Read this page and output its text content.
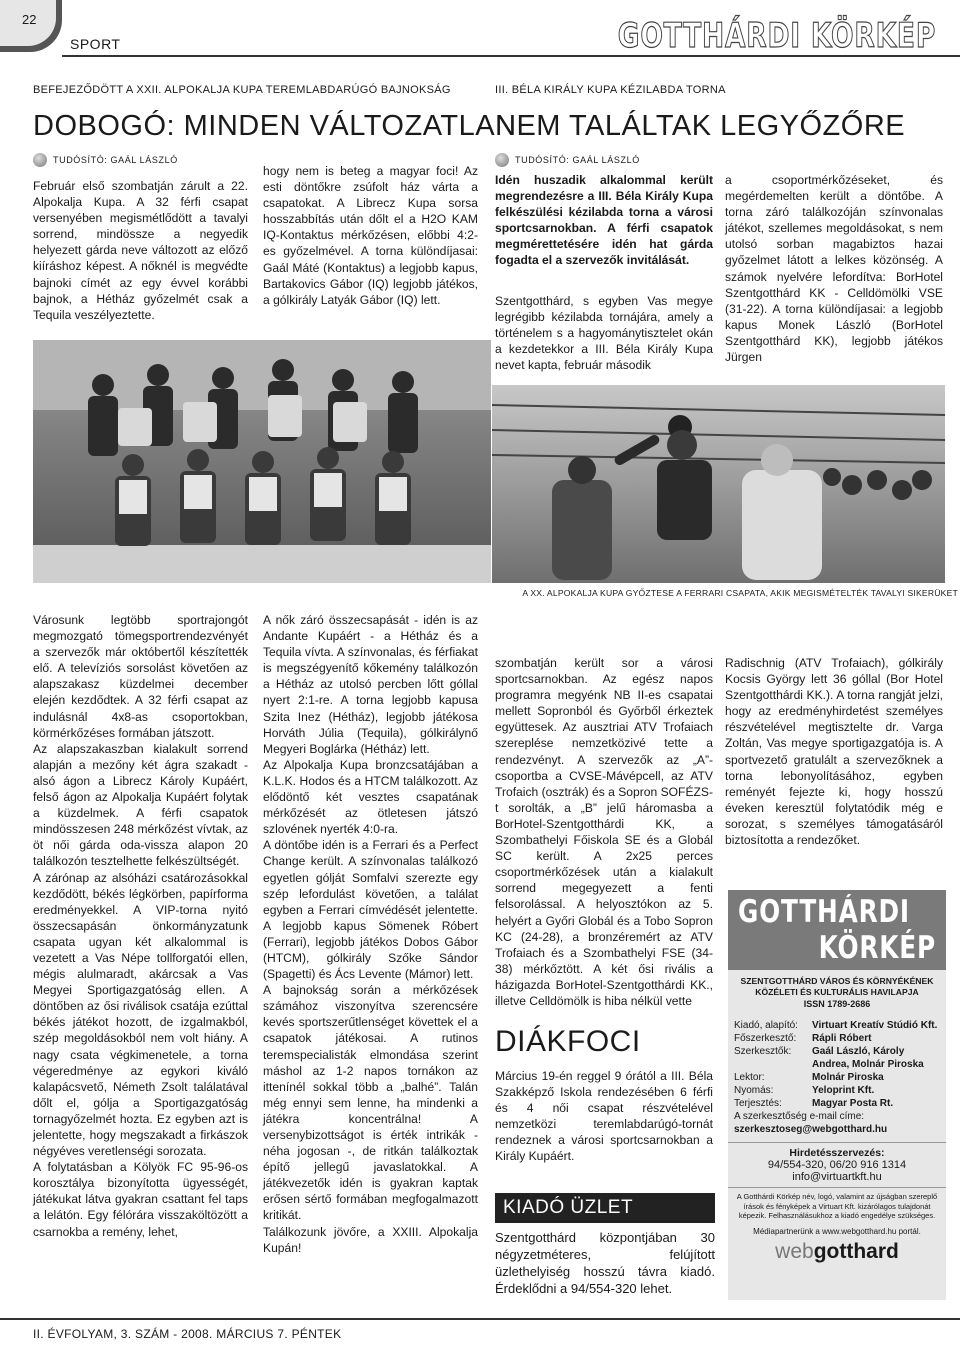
22
SPORT	GOTTHÁRDI KÖRKÉP
BEFEJEZŐDÖTT A XXII. ALPOKALJA KUPA TEREMLABDARÚGÓ BAJNOKSÁG
DOBOGÓ: MINDEN VÁLTOZATLAN
TUDÓSÍTÓ: GAÁL LÁSZLÓ
Február első szombatján zárult a 22. Alpokalja Kupa. A 32 férfi csapat versenyében megismétlődött a tavalyi sorrend, mindössze a negyedik helyezett gárda neve változott az előző kiíráshoz képest. A nőknél is megvédte bajnoki címét az egy évvel korábbi bajnok, a Hétház győzelmét csak a Tequila veszélyeztette.
hogy nem is beteg a magyar foci! Az esti döntőkre zsúfolt ház várta a csapatokat. A Librecz Kupa sorsa hosszabbítás után dőlt el a H2O KAM IQ-Kontaktus mérkőzésen, előbbi 4:2-es győzelmével. A torna különdíjasai: Gaál Máté (Kontaktus) a legjobb kapus, Bartakovics Gábor (IQ) legjobb játékos, a gólkirály Latyák Gábor (IQ) lett.
A XX. ALPOKALJA KUPA GYŐZTESE A FERRARI CSAPATA, AKIK MEGISMÉTELTÉK TAVALYI SIKERÜKET

Városunk legtöbb sportrajongót megmozgató tömegsportrendezvényét a szervezők már októbertől készítették elő. A televíziós sorsolást követően az alapszakasz küzdelmei december elején kezdődtek. A 32 férfi csapat az indulásnál 4x8-as csoportokban, körmérkőzéses formában játszott.

Az alapszakaszban kialakult sorrend alapján a mezőny két ágra szakadt - alsó ágon a Librecz Károly Kupáért, felső ágon az Alpokalja Kupáért folytak a küzdelmek. A férfi csapatok mindösszesen 248 mérkőzést vívtak, az öt női gárda oda-vissza alapon 20 találkozón tesztelhette felkészültségét.

A zárónap az alsóházi csatározásokkal kezdődött, békés légkörben, papírforma eredményekkel. A VIP-torna nyitó összecsapásán önkormányzatunk csapata ugyan két alkalommal is vezetett a Vas Népe tollforgatói ellen, mégis alulmaradt, akárcsak a Vas Megyei Sportigazgatóság ellen. A döntőben az ősi riválisok csatája ezúttal békés játékot hozott, de izgalmakból, szép megoldásokból nem volt hiány. A nagy csata végkimenetele, a torna végeredménye az egykori kiváló kalapácsvető, Németh Zsolt találatával dőlt el, gólja a Sportigazgatóság tornagyőzelmét hozta. Ez egyben azt is jelentette, hogy megszakadt a firkászok négyéves veretlenségi sorozata.

A folytatásban a Kölyök FC 95-96-os korosztálya bizonyította ügyességét, játékukat látva gyakran csattant fel taps a lelátón. Egy félórára visszaköltözött a csarnokba a remény, lehet,

A nők záró összecsapását - idén is az Andante Kupáért - a Hétház és a Tequila vívta. A színvonalas, és férfiakat is megszégyenítő kőkemény találkozón a Hétház az utolsó percben lőtt góllal nyert 2:1-re. A torna legjobb kapusa Szita Inez (Hétház), legjobb játékosa Horváth Júlia (Tequila), gólkirálynő Megyeri Boglárka (Hétház) lett.

Az Alpokalja Kupa bronzcsatájában a K.L.K. Hodos és a HTCM találkozott. Az elődöntő két vesztes csapatának mérkőzését az ötletesen játszó szlovének nyerték 4:0-ra.

A döntőbe idén is a Ferrari és a Perfect Change került. A színvonalas találkozó egyetlen gólját Somfalvi szerezte egy szép lefordulást követően, a találat egyben a Ferrari címvédését jelentette. A legjobb kapus Sömenek Róbert (Ferrari), legjobb játékos Dobos Gábor (HTCM), gólkirály Szőke Sándor (Spagetti) és Ács Levente (Mámor) lett.

A bajnokság során a mérkőzések számához viszonyítva szerencsére kevés sportszerűtlenséget követtek el a csapatok játékosai. A rutinos teremspecialisták elmondása szerint máshol az 1-2 napos tornákon az ittenínél sokkal több a „balhé”. Talán még ennyi sem lenne, ha mindenki a játékra koncentrálna! A versenybizottságot is érték intrikák - néha jogosan -, de ritkán találkoztak építő jellegű javaslatokkal. A játékvezetők idén is gyakran kaptak erősen sértő formában megfogalmazott kritikát.

Találkozunk jövőre, a XXIII. Alpokalja Kupán!

III. BÉLA KIRÁLY KUPA KÉZILABDA TORNA
NEM TALÁLTAK LEGYŐZŐRE
TUDÓSÍTÓ: GAÁL LÁSZLÓ
Idén huszadik alkalommal került megrendezésre a III. Béla Király Kupa felkészülési kézilabda torna a városi sportcsarnokban. A férfi csapatok megmérettetésére idén hat gárda fogadta el a szervezők invitálását.
Szentgotthárd, s egyben Vas megye legrégibb kézilabda tornájára, amely a történelem s a hagyománytisztelet okán a kezdetekkor a III. Béla Király Kupa nevet kapta, február második
a csoportmérkőzéseket, és megérdemelten került a döntőbe. A torna záró találkozóján színvonalas játékot, szellemes megoldásokat, s nem utolsó sorban magabiztos hazai győzelmet látott a lelkes közönség. A számok nyelvére lefordítva: BorHotel Szentgotthárd KK - Celldömölki VSE (31-22). A torna különdíjasai: a legjobb kapus Monek László (BorHotel Szentgotthárd KK), legjobb játékos Jürgen
szombatján került sor a városi sportcsarnokban. Az egész napos programra megyénk NB II-es csapatai mellett Sopronból és Győrből érkeztek együttesek. Az ausztriai ATV Trofaiach szereplése nemzetközivé tette a rendezvényt. A szervezők az „A”- csoportba a CVSE-Mávépcell, az ATV Trofaich (osztrák) és a Sopron SOFÉZS-t sorolták, a „B” jelű háromasba a BorHotel-Szentgotthárdi KK, a Szombathelyi Főiskola SE és a Globál SC került. A 2x25 perces csoportmérkőzések után a kialakult sorrend megegyezett a fenti felsorolással. A helyosztókon az 5. helyért a Győri Globál és a Tobo Sopron KC (24-28), a bronzéremért az ATV Trofaiach és a Szombathelyi FSE (34-38) mérkőztött. A két ősi rivális a házigazda BorHotel-Szentgotthárdi KK., illetve Celldömölk is hiba nélkül vette
Radischnig (ATV Trofaiach), gólkirály Kocsis György lett 36 góllal (Bor Hotel Szentgotthárdi KK.). A torna rangját jelzi, hogy az eredményhirdetést személyes részvételével megtisztelte dr. Varga Zoltán, Vas megye sportigazgatója is. A sportvezető gratulált a szervezőknek a torna lebonyolításához, egyben reményét fejezte ki, hogy hosszú éveken keresztül folytatódik még e sorozat, s személyes támogatásáról biztosította a rendezőket.
DIÁKFOCI
Március 19-én reggel 9 órától a III. Béla Szakképző Iskola rendezésében 6 férfi és 4 női csapat részvételével nemzetközi teremlabdarúgó-tornát rendeznek a városi sportcsarnokban a Király Kupáért.
KIADÓ ÜZLET
Szentgotthárd központjában 30 négyzetméteres, felújított üzlethelyiség hosszú távra kiadó. Érdeklődni a 94/554-320 lehet.
GOTTHÁRDI
KÖRKÉP
SZENTGOTTHÁRD VÁROS ÉS KÖRNYÉKÉNEK KÖZÉLETI ÉS KULTURÁLIS HAVILAPJA
ISSN 1789-2686
Kiadó, alapító:	Virtuart Kreatív Stúdió Kft.
Főszerkesztő:	Rápli Róbert
Szerkesztők:	Gaál László, Károly Andrea, Molnár Piroska
Lektor:	Molnár Piroska
Nyomás:	Yeloprint Kft.
Terjesztés:	Magyar Posta Rt.
A szerkesztőség e-mail címe:
szerkesztoseg@webgotthard.hu
Hirdetésszervezés:
94/554-320, 06/20 916 1314
info@virtuartkft.hu
A Gotthárdi Körkép név, logó, valamint az újságban szereplő írások és fényképek a Virtuart Kft. kizárólagos tulajdonát képezik. Felhasználásukhoz a kiadó engedélye szükséges.
Médiapartnerünk a www.webgotthard.hu portál.
webgotthard
II. ÉVFOLYAM, 3. SZÁM - 2008. MÁRCIUS 7. PÉNTEK
